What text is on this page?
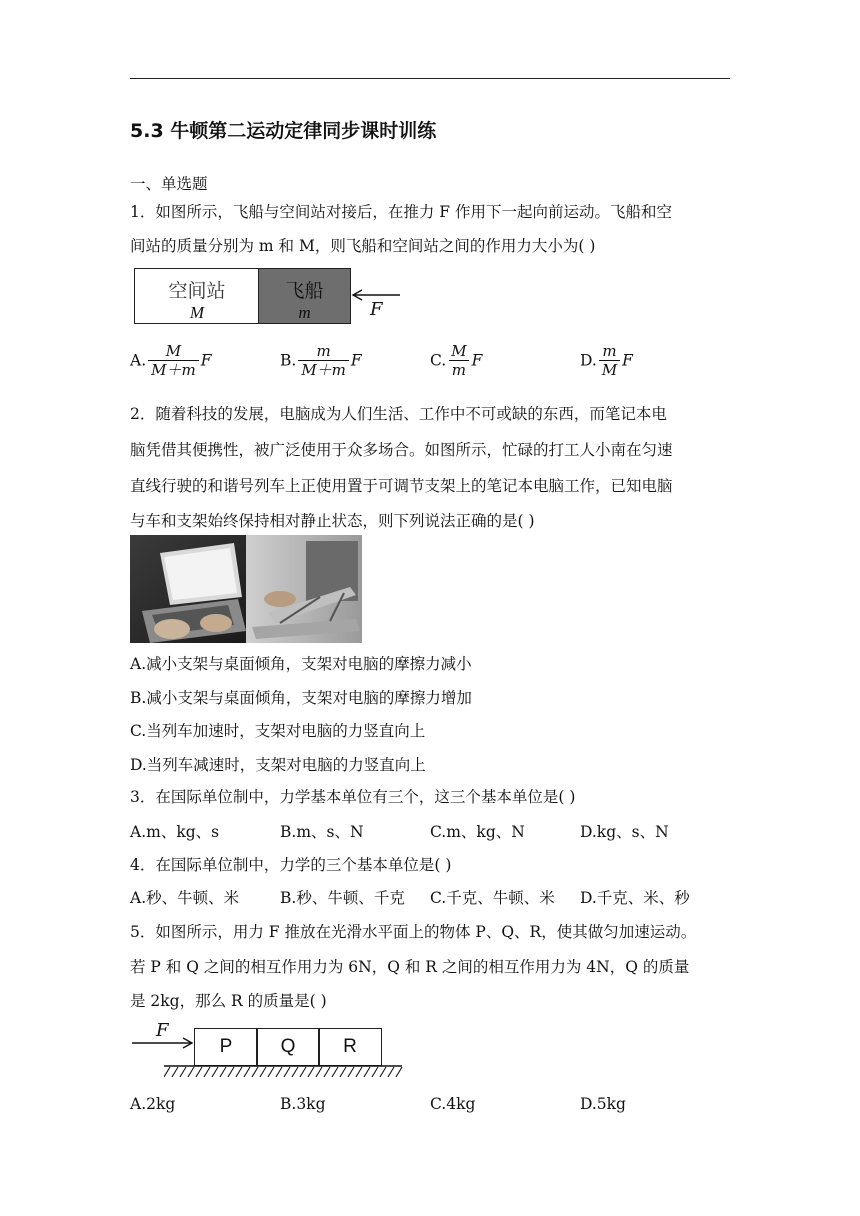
5.3 牛顿第二运动定律同步课时训练
一、单选题
1．如图所示，飞船与空间站对接后，在推力 F 作用下一起向前运动。飞船和空
间站的质量分别为 m 和 M，则飞船和空间站之间的作用力大小为( )
空间站
M
飞船
m	F
A. $\frac{M}{M+m}$ F	B. $\frac{m}{M+m}$ F	C. $\frac{M}{m}$ F	D. $\frac{m}{M}$ F
2．随着科技的发展，电脑成为人们生活、工作中不可或缺的东西，而笔记本电
脑凭借其便携性，被广泛使用于众多场合。如图所示，忙碌的打工人小南在匀速
直线行驶的和谐号列车上正使用置于可调节支架上的笔记本电脑工作，已知电脑
与车和支架始终保持相对静止状态，则下列说法正确的是( )
A.减小支架与桌面倾角，支架对电脑的摩擦力减小
B.减小支架与桌面倾角，支架对电脑的摩擦力增加
C.当列车加速时，支架对电脑的力竖直向上
D.当列车减速时，支架对电脑的力竖直向上
3．在国际单位制中，力学基本单位有三个，这三个基本单位是( )
A.m、kg、s	B.m、s、N	C.m、kg、N	D.kg、s、N
4．在国际单位制中，力学的三个基本单位是( )
A.秒、牛顿、米	B.秒、牛顿、千克 C.千克、牛顿、米 D.千克、米、秒
5．如图所示，用力 F 推放在光滑水平面上的物体 P、Q、R，使其做匀加速运动。
若 P 和 Q 之间的相互作用力为 6N，Q 和 R 之间的相互作用力为 4N，Q 的质量
是 2kg，那么 R 的质量是( )
F
P	Q	R
A.2kg	B.3kg	C.4kg	D.5kg
